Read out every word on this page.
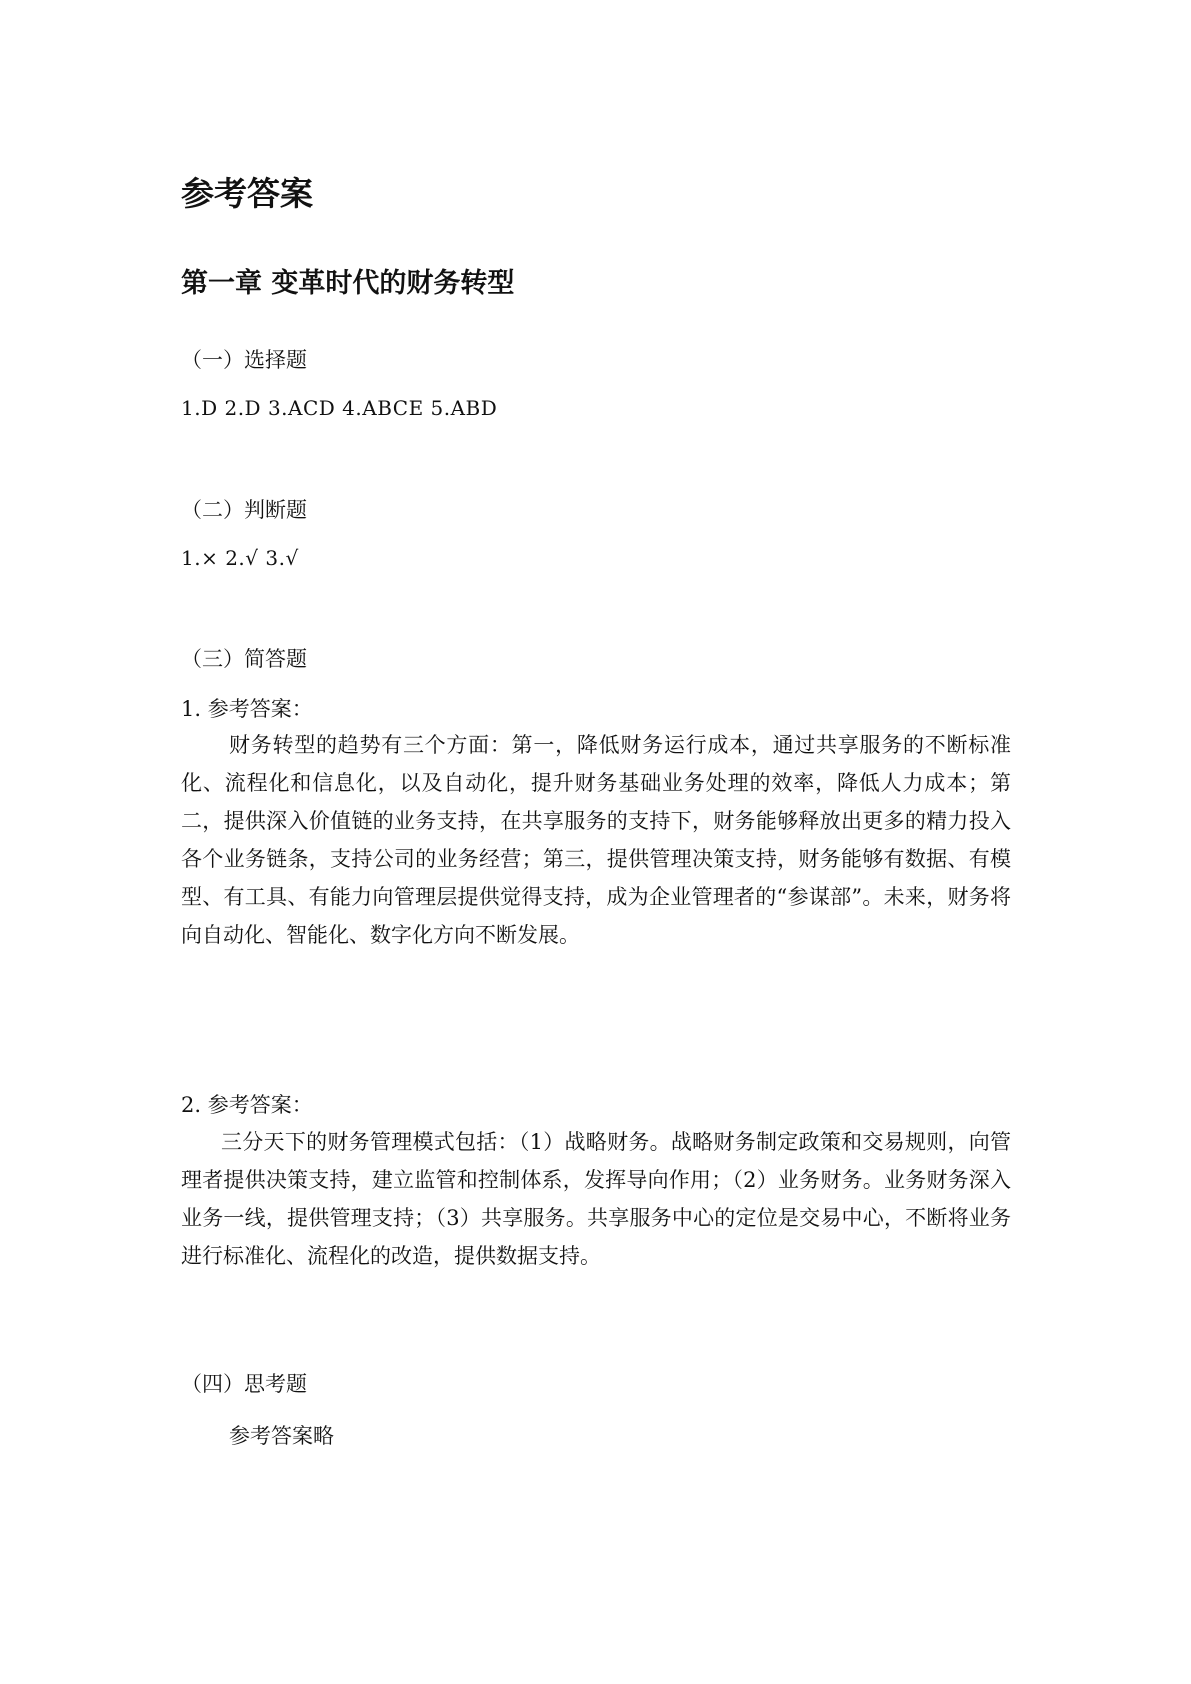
参考答案
第一章 变革时代的财务转型
（一）选择题
1.D 2.D 3.ACD 4.ABCE 5.ABD
（二）判断题
1.× 2.√ 3.√
（三）简答题
1. 参考答案：
财务转型的趋势有三个方面：第一，降低财务运行成本，通过共享服务的不断标准化、流程化和信息化，以及自动化，提升财务基础业务处理的效率，降低人力成本；第二，提供深入价值链的业务支持，在共享服务的支持下，财务能够释放出更多的精力投入各个业务链条，支持公司的业务经营；第三，提供管理决策支持，财务能够有数据、有模型、有工具、有能力向管理层提供觉得支持，成为企业管理者的“参谋部”。未来，财务将向自动化、智能化、数字化方向不断发展。
2. 参考答案：
三分天下的财务管理模式包括：（1）战略财务。战略财务制定政策和交易规则，向管理者提供决策支持，建立监管和控制体系，发挥导向作用；（2）业务财务。业务财务深入业务一线，提供管理支持；（3）共享服务。共享服务中心的定位是交易中心，不断将业务进行标准化、流程化的改造，提供数据支持。
（四）思考题
参考答案略
